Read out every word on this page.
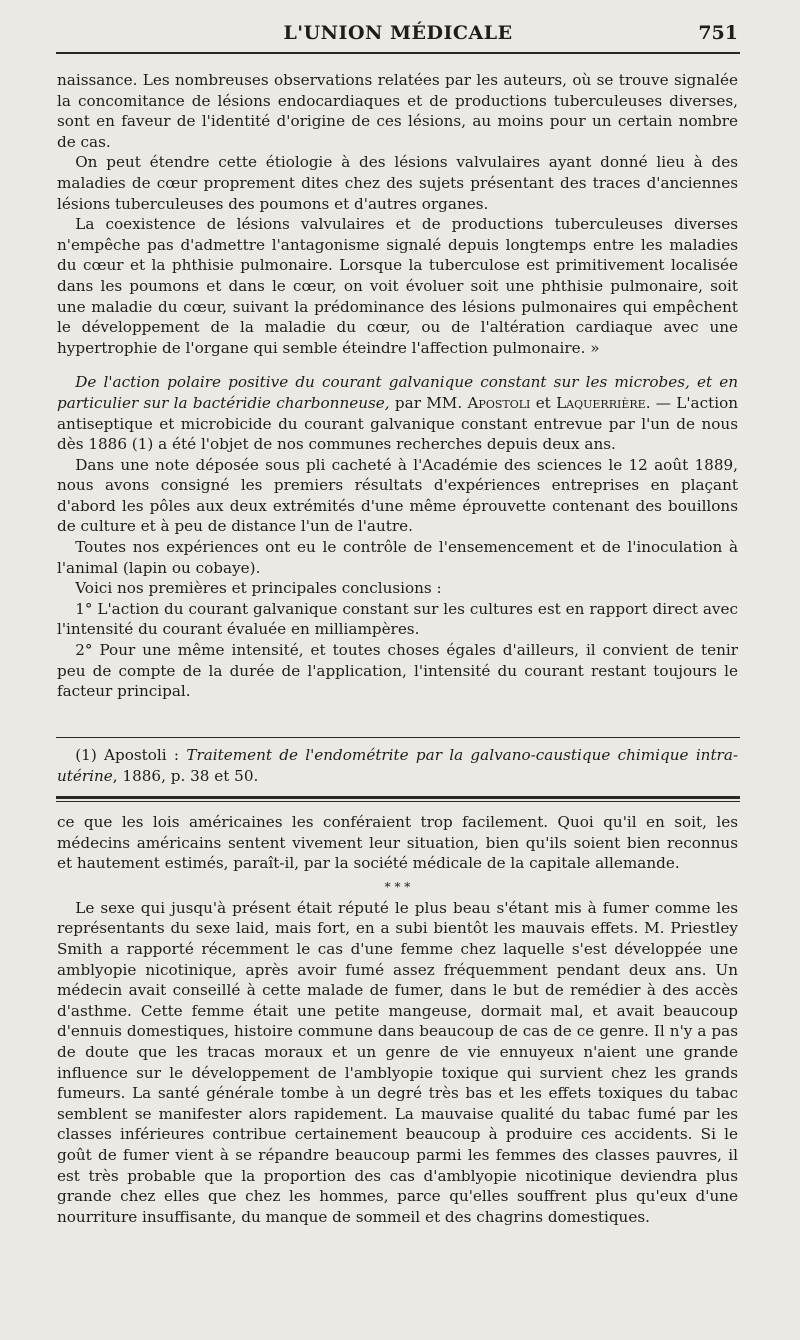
L'UNION MÉDICALE	751

naissance. Les nombreuses observations relatées par les auteurs, où se trouve signalée la concomitance de lésions endocardiaques et de productions tuberculeuses diverses, sont en faveur de l'identité d'origine de ces lésions, au moins pour un certain nombre de cas.

On peut étendre cette étiologie à des lésions valvulaires ayant donné lieu à des maladies de cœur proprement dites chez des sujets présentant des traces d'anciennes lésions tuberculeuses des poumons et d'autres organes.

La coexistence de lésions valvulaires et de productions tuberculeuses diverses n'empêche pas d'admettre l'antagonisme signalé depuis longtemps entre les maladies du cœur et la phthisie pulmonaire. Lorsque la tuberculose est primitivement localisée dans les poumons et dans le cœur, on voit évoluer soit une phthisie pulmonaire, soit une maladie du cœur, suivant la prédominance des lésions pulmonaires qui empêchent le développement de la maladie du cœur, ou de l'altération cardiaque avec une hypertrophie de l'organe qui semble éteindre l'affection pulmonaire. »

De l'action polaire positive du courant galvanique constant sur les microbes, et en particulier sur la bactéridie charbonneuse, par MM. Apostoli et Laquerrière. — L'action antiseptique et microbicide du courant galvanique constant entrevue par l'un de nous dès 1886 (1) a été l'objet de nos communes recherches depuis deux ans.

Dans une note déposée sous pli cacheté à l'Académie des sciences le 12 août 1889, nous avons consigné les premiers résultats d'expériences entreprises en plaçant d'abord les pôles aux deux extrémités d'une même éprouvette contenant des bouillons de culture et à peu de distance l'un de l'autre.

Toutes nos expériences ont eu le contrôle de l'ensemencement et de l'inoculation à l'animal (lapin ou cobaye).

Voici nos premières et principales conclusions :

1° L'action du courant galvanique constant sur les cultures est en rapport direct avec l'intensité du courant évaluée en milliampères.

2° Pour une même intensité, et toutes choses égales d'ailleurs, il convient de tenir peu de compte de la durée de l'application, l'intensité du courant restant toujours le facteur principal.

(1) Apostoli : Traitement de l'endométrite par la galvano-caustique chimique intra-utérine, 1886, p. 38 et 50.

ce que les lois américaines les conféraient trop facilement. Quoi qu'il en soit, les médecins américains sentent vivement leur situation, bien qu'ils soient bien reconnus et hautement estimés, paraît-il, par la société médicale de la capitale allemande.

* * *

Le sexe qui jusqu'à présent était réputé le plus beau s'étant mis à fumer comme les représentants du sexe laid, mais fort, en a subi bientôt les mauvais effets. M. Priestley Smith a rapporté récemment le cas d'une femme chez laquelle s'est développée une amblyopie nicotinique, après avoir fumé assez fréquemment pendant deux ans. Un médecin avait conseillé à cette malade de fumer, dans le but de remédier à des accès d'asthme. Cette femme était une petite mangeuse, dormait mal, et avait beaucoup d'ennuis domestiques, histoire commune dans beaucoup de cas de ce genre. Il n'y a pas de doute que les tracas moraux et un genre de vie ennuyeux n'aient une grande influence sur le développement de l'amblyopie toxique qui survient chez les grands fumeurs. La santé générale tombe à un degré très bas et les effets toxiques du tabac semblent se manifester alors rapidement. La mauvaise qualité du tabac fumé par les classes inférieures contribue certainement beaucoup à produire ces accidents. Si le goût de fumer vient à se répandre beaucoup parmi les femmes des classes pauvres, il est très probable que la proportion des cas d'amblyopie nicotinique deviendra plus grande chez elles que chez les hommes, parce qu'elles souffrent plus qu'eux d'une nourriture insuffisante, du manque de sommeil et des chagrins domestiques.
